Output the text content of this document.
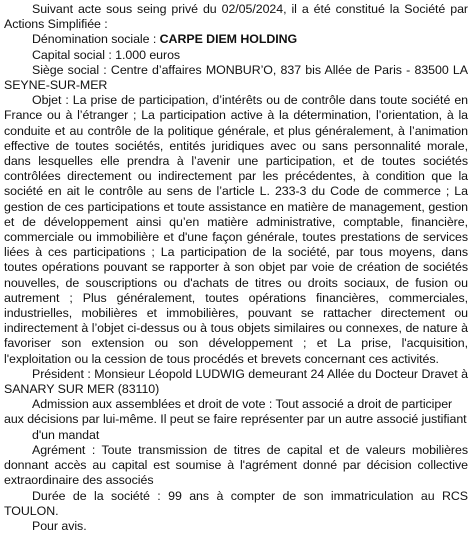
Suivant acte sous seing privé du 02/05/2024, il a été constitué la Société par Actions Simplifiée :

Dénomination sociale : CARPE DIEM HOLDING

Capital social : 1.000 euros

Siège social : Centre d’affaires MONBUR’O, 837 bis Allée de Paris - 83500 LA SEYNE-SUR-MER

Objet : La prise de participation, d’intérêts ou de contrôle dans toute société en France ou à l’étranger ; La participation active à la détermination, l’orientation, à la conduite et au contrôle de la politique générale, et plus généralement, à l’animation effective de toutes sociétés, entités juridiques avec ou sans personnalité morale, dans lesquelles elle prendra à l’avenir une participation, et de toutes sociétés contrôlées directement ou indirectement par les précédentes, à condition que la société en ait le contrôle au sens de l’article L. 233-3 du Code de commerce ; La gestion de ces participations et toute assistance en matière de management, gestion et de développement ainsi qu’en matière administrative, comptable, financière, commerciale ou immobilière et d'une façon générale, toutes prestations de services liées à ces participations ; La participation de la société, par tous moyens, dans toutes opérations pouvant se rapporter à son objet par voie de création de sociétés nouvelles, de souscriptions ou d'achats de titres ou droits sociaux, de fusion ou autrement ; Plus généralement, toutes opérations financières, commerciales, industrielles, mobilières et immobilières, pouvant se rattacher directement ou indirectement à l’objet ci-dessus ou à tous objets similaires ou connexes, de nature à favoriser son extension ou son développement ; et La prise, l'acquisition, l'exploitation ou la cession de tous procédés et brevets concernant ces activités.

Président : Monsieur Léopold LUDWIG demeurant 24 Allée du Docteur Dravet à SANARY SUR MER (83110)

Admission aux assemblées et droit de vote : Tout associé a droit de participer aux décisions par lui-même. Il peut se faire représenter par un autre associé justifiant

d'un mandat

Agrément : Toute transmission de titres de capital et de valeurs mobilières donnant accès au capital est soumise à l'agrément donné par décision collective extraordinaire des associés

Durée de la société : 99 ans à compter de son immatriculation au RCS TOULON.

Pour avis.
